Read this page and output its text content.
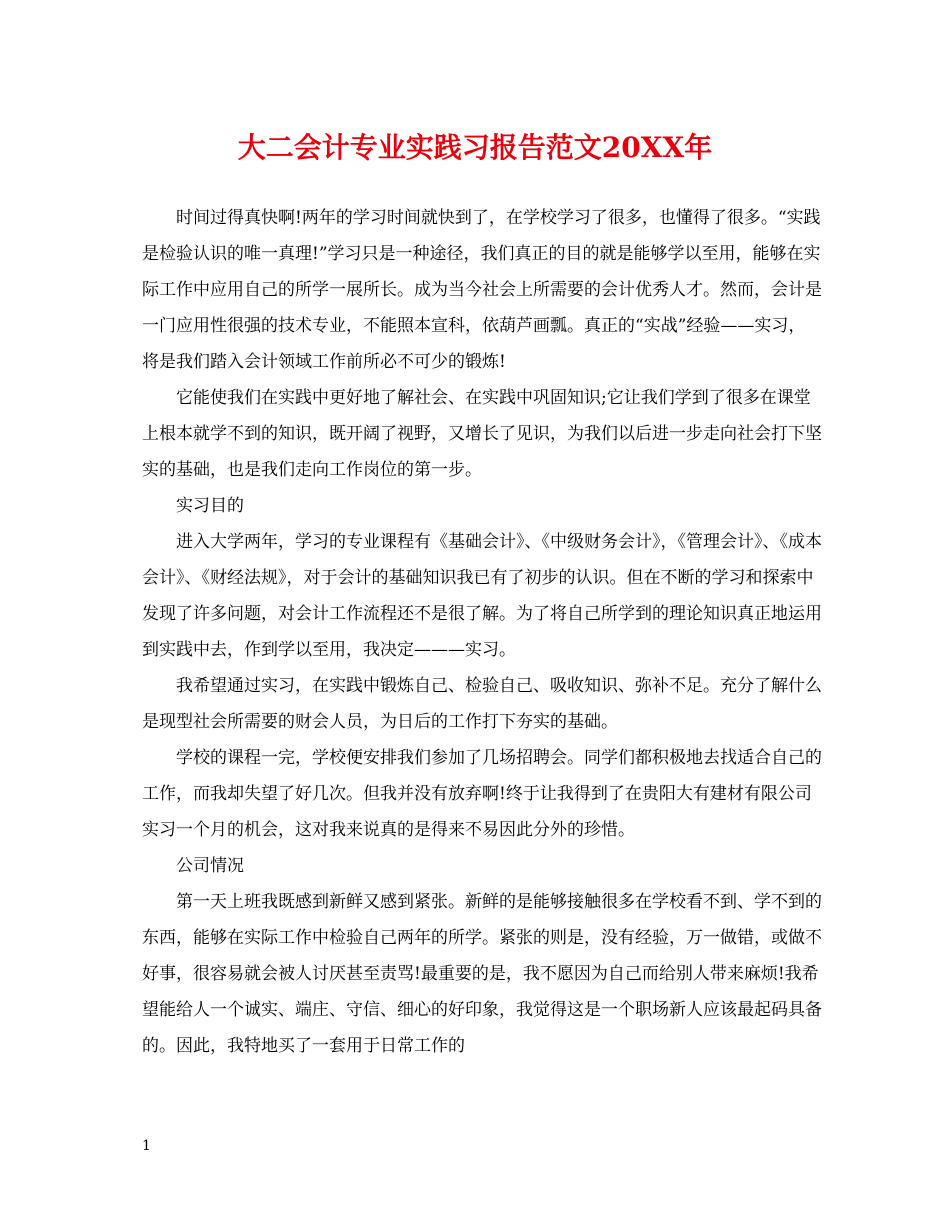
大二会计专业实践习报告范文20XX年

时间过得真快啊!两年的学习时间就快到了，在学校学习了很多，也懂得了很多。“实践是检验认识的唯一真理!”学习只是一种途径，我们真正的目的就是能够学以至用，能够在实际工作中应用自己的所学一展所长。成为当今社会上所需要的会计优秀人才。然而，会计是一门应用性很强的技术专业，不能照本宣科，依葫芦画瓢。真正的“实战”经验——实习，将是我们踏入会计领域工作前所必不可少的锻炼!

它能使我们在实践中更好地了解社会、在实践中巩固知识;它让我们学到了很多在课堂上根本就学不到的知识，既开阔了视野，又增长了见识，为我们以后进一步走向社会打下坚实的基础，也是我们走向工作岗位的第一步。

实习目的

进入大学两年，学习的专业课程有《基础会计》、《中级财务会计》，《管理会计》、《成本会计》、《财经法规》，对于会计的基础知识我已有了初步的认识。但在不断的学习和探索中发现了许多问题，对会计工作流程还不是很了解。为了将自己所学到的理论知识真正地运用到实践中去，作到学以至用，我决定———实习。

我希望通过实习，在实践中锻炼自己、检验自己、吸收知识、弥补不足。充分了解什么是现型社会所需要的财会人员，为日后的工作打下夯实的基础。

学校的课程一完，学校便安排我们参加了几场招聘会。同学们都积极地去找适合自己的工作，而我却失望了好几次。但我并没有放弃啊!终于让我得到了在贵阳大有建材有限公司实习一个月的机会，这对我来说真的是得来不易因此分外的珍惜。

公司情况

第一天上班我既感到新鲜又感到紧张。新鲜的是能够接触很多在学校看不到、学不到的东西，能够在实际工作中检验自己两年的所学。紧张的则是，没有经验，万一做错，或做不好事，很容易就会被人讨厌甚至责骂!最重要的是，我不愿因为自己而给别人带来麻烦!我希望能给人一个诚实、端庄、守信、细心的好印象，我觉得这是一个职场新人应该最起码具备的。因此，我特地买了一套用于日常工作的

1
